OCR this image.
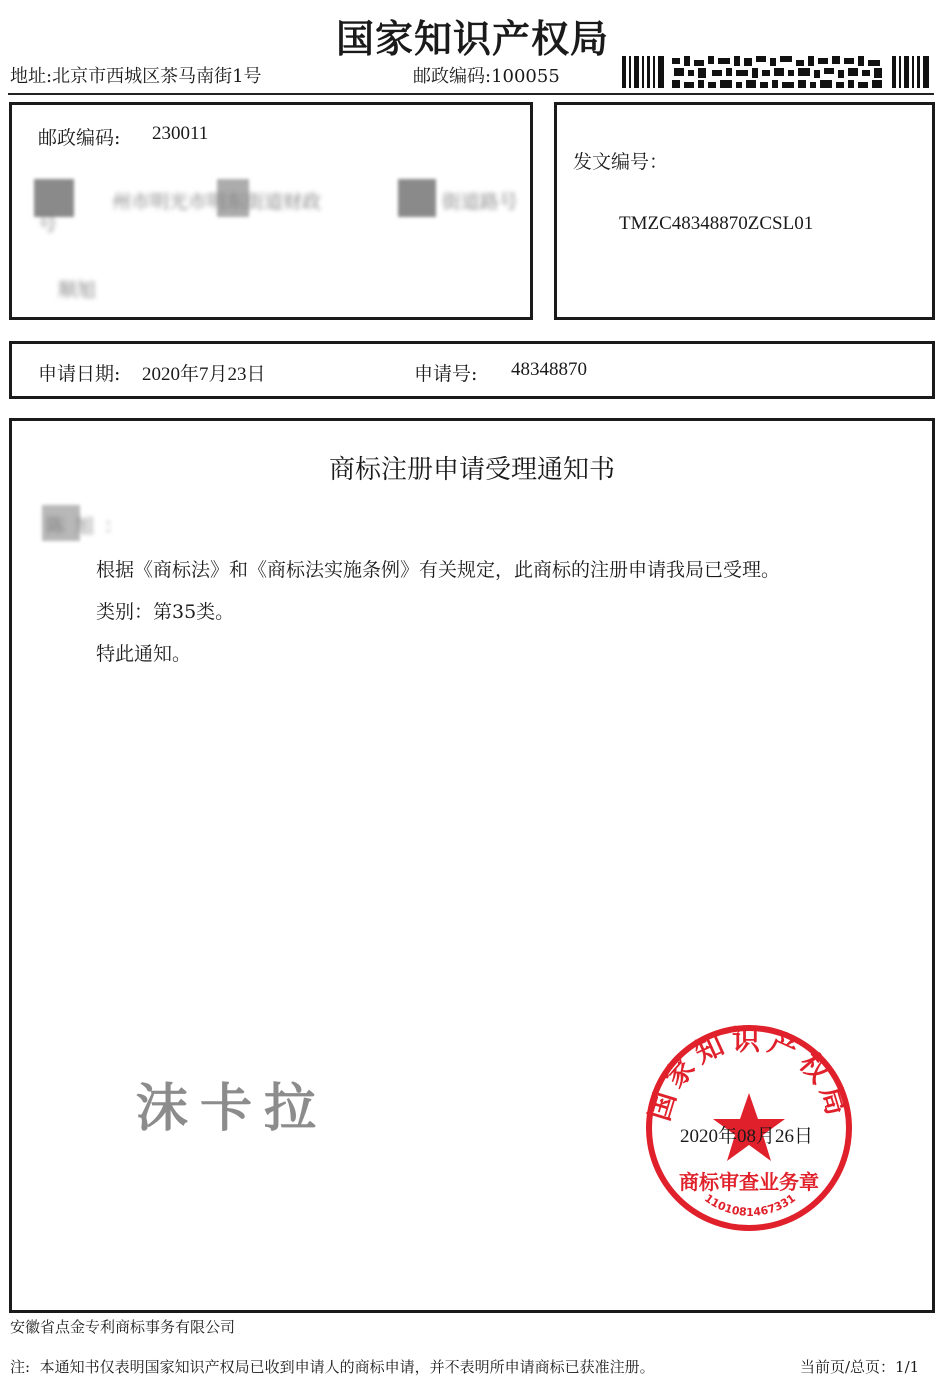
国家知识产权局
地址:北京市西城区茶马南街1号	邮政编码:100055
邮政编码: 230011
州市明光市明东街道财政                    街道路号
号
顺旭
发文编号：
TMZC48348870ZCSL01
申请日期: 2020年7月23日	申请号: 48348870
商标注册申请受理通知书
陈旭：
根据《商标法》和《商标法实施条例》有关规定，此商标的注册申请我局已受理。
类别：第35类。
特此通知。
沫卡拉	国家知识产权局
商标审查业务章
1101081467331
2020年08月26日
安徽省点金专利商标事务有限公司
注:  本通知书仅表明国家知识产权局已收到申请人的商标申请，并不表明所申请商标已获准注册。	当前页/总页：1/1
